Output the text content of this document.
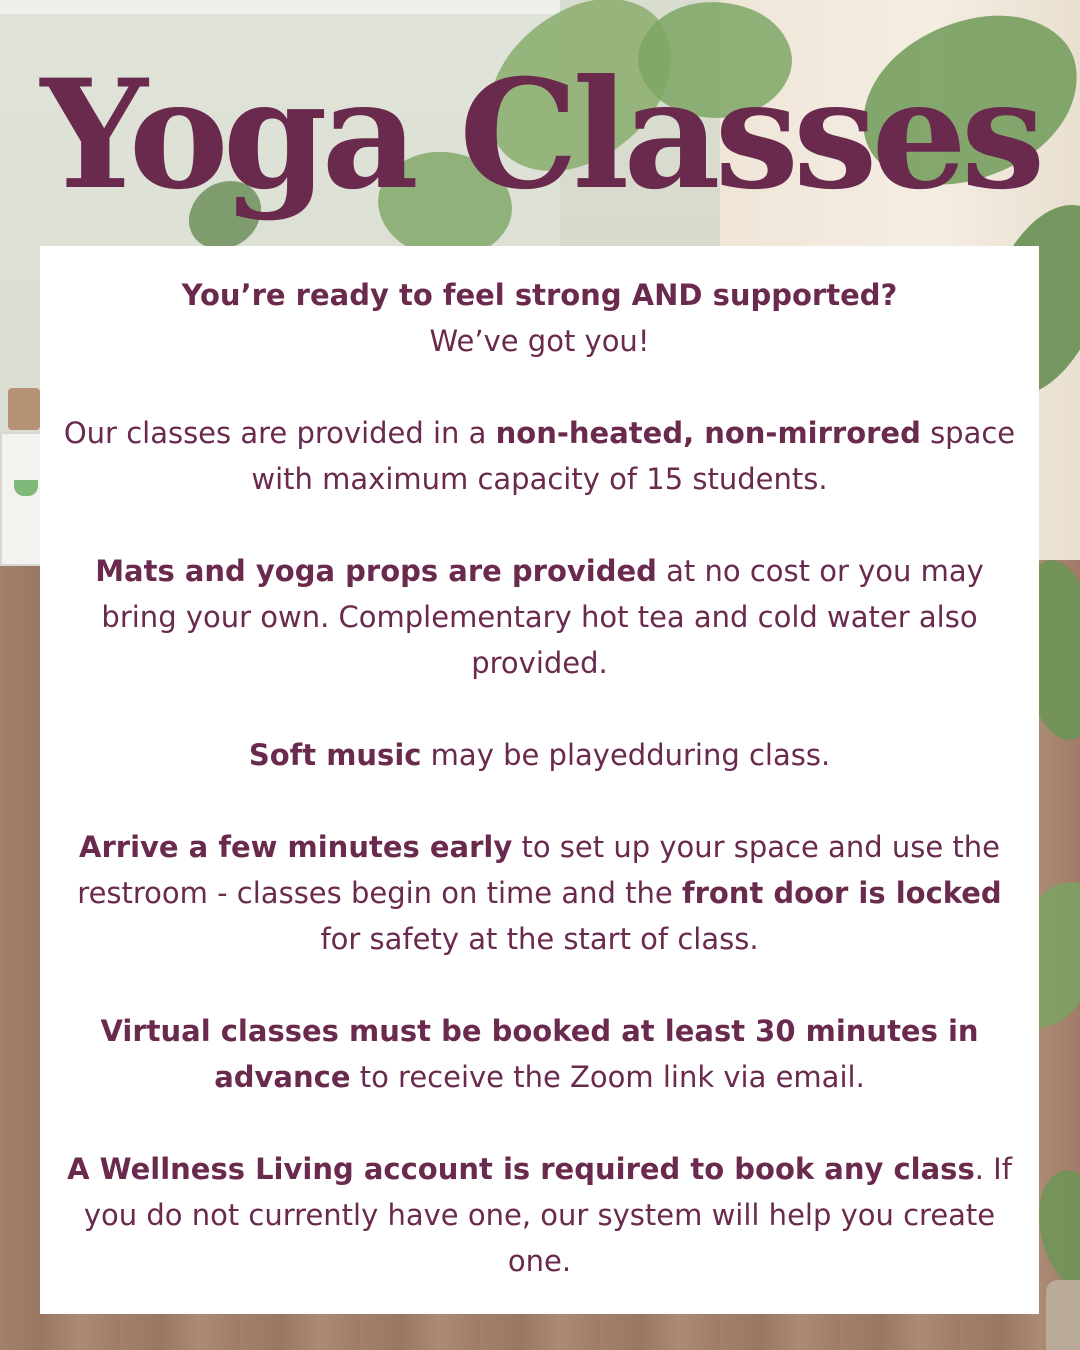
Yoga Classes

You’re ready to feel strong AND supported?
We’ve got you!

Our classes are provided in a non-heated, non-mirrored space with maximum capacity of 15 students.

Mats and yoga props are provided at no cost or you may bring your own. Complementary hot tea and cold water also provided.

Soft music may be playedduring class.

Arrive a few minutes early to set up your space and use the restroom - classes begin on time and the front door is locked for safety at the start of class.

Virtual classes must be booked at least 30 minutes in advance to receive the Zoom link via email.

A Wellness Living account is required to book any class. If you do not currently have one, our system will help you create one.
